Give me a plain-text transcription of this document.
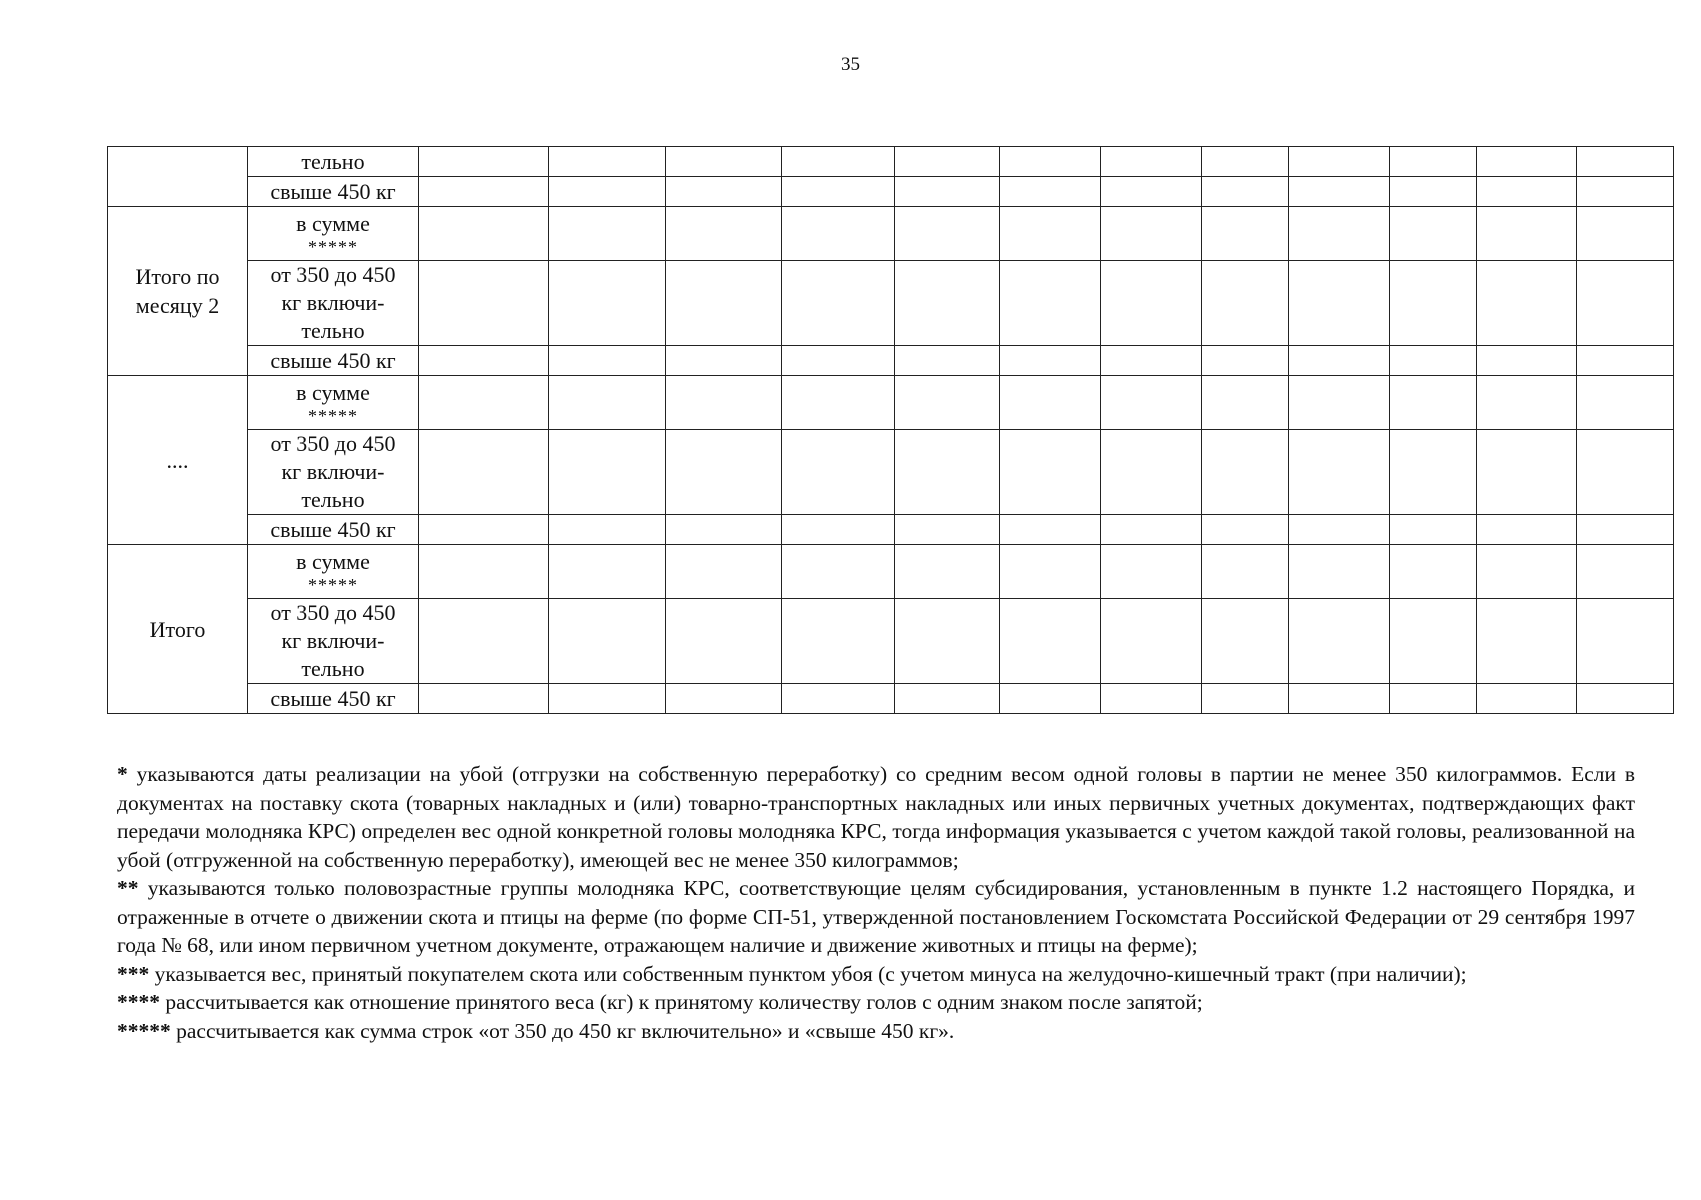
35
	тельно												
	свыше 450 кг												
Итого по месяцу 2	в сумме
*****												

	от 350 до 450 кг включи-тельно												
	свыше 450 кг												
....	в сумме
*****												

	от 350 до 450 кг включи-тельно												
	свыше 450 кг												
Итого	в сумме
*****												

	от 350 до 450 кг включи-тельно												
	свыше 450 кг												

* указываются даты реализации на убой (отгрузки на собственную переработку) со средним весом одной головы в партии не менее 350 килограммов. Если в документах на поставку скота (товарных накладных и (или) товарно-транспортных накладных или иных первичных учетных документах, подтверждающих факт передачи молодняка КРС) определен вес одной конкретной головы молодняка КРС, тогда информация указывается с учетом каждой такой головы, реализованной на убой (отгруженной на собственную переработку), имеющей вес не менее 350 килограммов;

** указываются только половозрастные группы молодняка КРС, соответствующие целям субсидирования, установленным в пункте 1.2 настоящего Порядка, и отраженные в отчете о движении скота и птицы на ферме (по форме СП-51, утвержденной постановлением Госкомстата Российской Федерации от 29 сентября 1997 года № 68, или ином первичном учетном документе, отражающем наличие и движение животных и птицы на ферме);

*** указывается вес, принятый покупателем скота или собственным пунктом убоя (с учетом минуса на желудочно-кишечный тракт (при наличии);

**** рассчитывается как отношение принятого веса (кг) к принятому количеству голов с одним знаком после запятой;

***** рассчитывается как сумма строк «от 350 до 450 кг включительно» и «свыше 450 кг».
